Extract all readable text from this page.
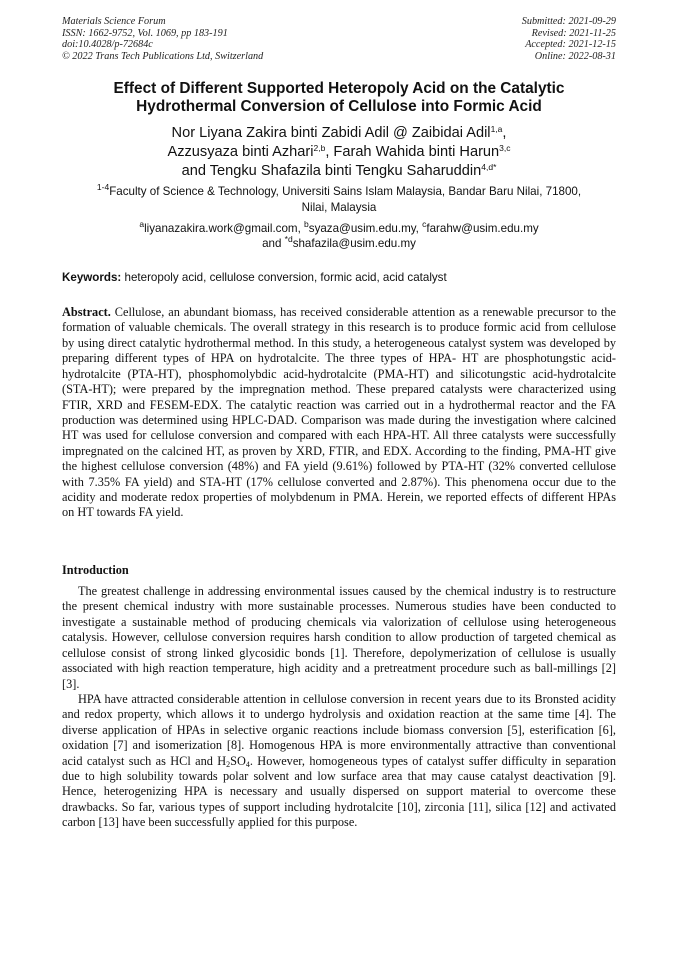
Materials Science Forum
ISSN: 1662-9752, Vol. 1069, pp 183-191
doi:10.4028/p-72684c
© 2022 Trans Tech Publications Ltd, Switzerland
Submitted: 2021-09-29
Revised: 2021-11-25
Accepted: 2021-12-15
Online: 2022-08-31
Effect of Different Supported Heteropoly Acid on the Catalytic
Hydrothermal Conversion of Cellulose into Formic Acid
Nor Liyana Zakira binti Zabidi Adil @ Zaibidai Adil$^{1,a}$,
Azzusyaza binti Azhari$^{2,b}$, Farah Wahida binti Harun$^{3,c}$
and Tengku Shafazila binti Tengku Saharuddin$^{4,d*}$
$^{1-4}$Faculty of Science & Technology, Universiti Sains Islam Malaysia, Bandar Baru Nilai, 71800,
Nilai, Malaysia
$^a$liyanazakira.work@gmail.com, $^b$syaza@usim.edu.my, $^c$farahw@usim.edu.my
and $^{*d}$shafazila@usim.edu.my
Keywords: heteropoly acid, cellulose conversion, formic acid, acid catalyst
Abstract. Cellulose, an abundant biomass, has received considerable attention as a renewable precursor to the formation of valuable chemicals. The overall strategy in this research is to produce formic acid from cellulose by using direct catalytic hydrothermal method. In this study, a heterogeneous catalyst system was developed by preparing different types of HPA on hydrotalcite. The three types of HPA- HT are phosphotungstic acid-hydrotalcite (PTA-HT), phosphomolybdic acid-hydrotalcite (PMA-HT) and silicotungstic acid-hydrotalcite (STA-HT); were prepared by the impregnation method. These prepared catalysts were characterized using FTIR, XRD and FESEM-EDX. The catalytic reaction was carried out in a hydrothermal reactor and the FA production was determined using HPLC-DAD. Comparison was made during the investigation where calcined HT was used for cellulose conversion and compared with each HPA-HT. All three catalysts were successfully impregnated on the calcined HT, as proven by XRD, FTIR, and EDX. According to the finding, PMA-HT give the highest cellulose conversion (48%) and FA yield (9.61%) followed by PTA-HT (32% converted cellulose with 7.35% FA yield) and STA-HT (17% cellulose converted and 2.87%). This phenomena occur due to the acidity and moderate redox properties of molybdenum in PMA. Herein, we reported effects of different HPAs on HT towards FA yield.
Introduction

The greatest challenge in addressing environmental issues caused by the chemical industry is to restructure the present chemical industry with more sustainable processes. Numerous studies have been conducted to investigate a sustainable method of producing chemicals via valorization of cellulose using heterogeneous catalysis. However, cellulose conversion requires harsh condition to allow production of targeted chemical as cellulose consist of strong linked glycosidic bonds [1]. Therefore, depolymerization of cellulose is usually associated with high reaction temperature, high acidity and a pretreatment procedure such as ball-millings [2][3].

HPA have attracted considerable attention in cellulose conversion in recent years due to its Bronsted acidity and redox property, which allows it to undergo hydrolysis and oxidation reaction at the same time [4]. The diverse application of HPAs in selective organic reactions include biomass conversion [5], esterification [6], oxidation [7] and isomerization [8]. Homogenous HPA is more environmentally attractive than conventional acid catalyst such as HCl and $H_2SO_4$. However, homogeneous types of catalyst suffer difficulty in separation due to high solubility towards polar solvent and low surface area that may cause catalyst deactivation [9]. Hence, heterogenizing HPA is necessary and usually dispersed on support material to overcome these drawbacks. So far, various types of support including hydrotalcite [10], zirconia [11], silica [12] and activated carbon [13] have been successfully applied for this purpose.
